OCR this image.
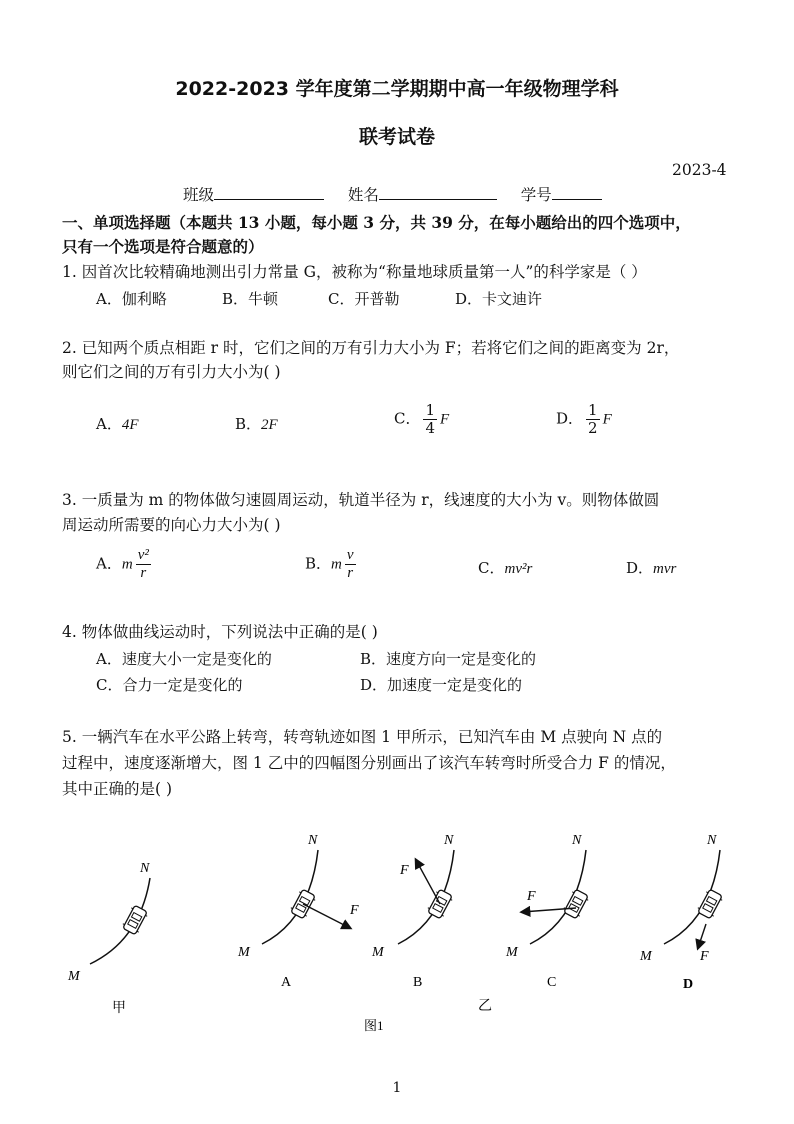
2022-2023 学年度第二学期期中高一年级物理学科
联考试卷
2023-4
班级	姓名	学号
一、单项选择题（本题共 13 小题，每小题 3 分，共 39 分，在每小题给出的四个选项中，
只有一个选项是符合题意的）
1. 因首次比较精确地测出引力常量 G，被称为“称量地球质量第一人”的科学家是（ ）
A．伽利略	B．牛顿	C．开普勒	D．卡文迪许
2. 已知两个质点相距 r 时，它们之间的万有引力大小为 F；若将它们之间的距离变为 2r，
则它们之间的万有引力大小为( )
A．4F	B．2F	C． $\frac{1}{4}$ F	D． $\frac{1}{2}$ F
3. 一质量为 m 的物体做匀速圆周运动，轨道半径为 r，线速度的大小为 v。则物体做圆
周运动所需要的向心力大小为( )
A．m $\frac{\text{v²}}{r}$	B．m $\frac{v}{r}$	C．mv²r	D．mvr
4. 物体做曲线运动时，下列说法中正确的是( )
A．速度大小一定是变化的	B．速度方向一定是变化的
C．合力一定是变化的	D．加速度一定是变化的
5. 一辆汽车在水平公路上转弯，转弯轨迹如图 1 甲所示，已知汽车由 M 点驶向 N 点的
过程中，速度逐渐增大，图 1 乙中的四幅图分别画出了该汽车转弯时所受合力 F 的情况，
其中正确的是( )
N
M
甲
F
N
M
A
F
N
M
B
F
N
M
C
F
N
M
D
乙
图1
1
